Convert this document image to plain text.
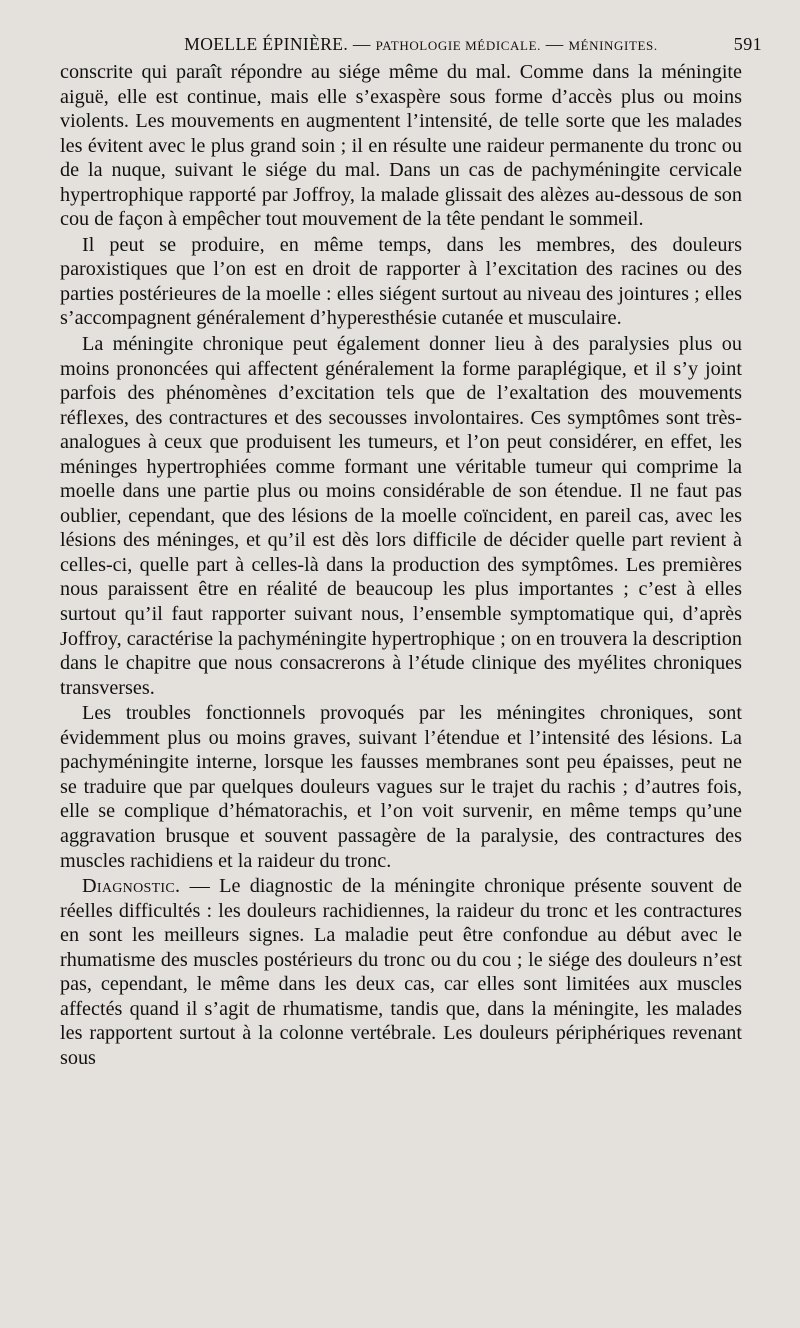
MOELLE ÉPINIÈRE. — PATHOLOGIE MÉDICALE. — MÉNINGITES.	591

conscrite qui paraît répondre au siége même du mal. Comme dans la méningite aiguë, elle est continue, mais elle s’exaspère sous forme d’accès plus ou moins violents. Les mouvements en augmentent l’intensité, de telle sorte que les malades les évitent avec le plus grand soin ; il en résulte une raideur permanente du tronc ou de la nuque, suivant le siége du mal. Dans un cas de pachyméningite cervicale hypertrophique rapporté par Joffroy, la malade glissait des alèzes au-dessous de son cou de façon à empêcher tout mouvement de la tête pendant le sommeil.

Il peut se produire, en même temps, dans les membres, des douleurs paroxistiques que l’on est en droit de rapporter à l’excitation des racines ou des parties postérieures de la moelle : elles siégent surtout au niveau des jointures ; elles s’accompagnent généralement d’hyperesthésie cutanée et musculaire.

La méningite chronique peut également donner lieu à des paralysies plus ou moins prononcées qui affectent généralement la forme paraplégique, et il s’y joint parfois des phénomènes d’excitation tels que de l’exaltation des mouvements réflexes, des contractures et des secousses involontaires. Ces symptômes sont très-analogues à ceux que produisent les tumeurs, et l’on peut considérer, en effet, les méninges hypertrophiées comme formant une véritable tumeur qui comprime la moelle dans une partie plus ou moins considérable de son étendue. Il ne faut pas oublier, cependant, que des lésions de la moelle coïncident, en pareil cas, avec les lésions des méninges, et qu’il est dès lors difficile de décider quelle part revient à celles-ci, quelle part à celles-là dans la production des symptômes. Les premières nous paraissent être en réalité de beaucoup les plus importantes ; c’est à elles surtout qu’il faut rapporter suivant nous, l’ensemble symptomatique qui, d’après Joffroy, caractérise la pachyméningite hypertrophique ; on en trouvera la description dans le chapitre que nous consacrerons à l’étude clinique des myélites chroniques transverses.

Les troubles fonctionnels provoqués par les méningites chroniques, sont évidemment plus ou moins graves, suivant l’étendue et l’intensité des lésions. La pachyméningite interne, lorsque les fausses membranes sont peu épaisses, peut ne se traduire que par quelques douleurs vagues sur le trajet du rachis ; d’autres fois, elle se complique d’hématorachis, et l’on voit survenir, en même temps qu’une aggravation brusque et souvent passagère de la paralysie, des contractures des muscles rachidiens et la raideur du tronc.

Diagnostic. — Le diagnostic de la méningite chronique présente souvent de réelles difficultés : les douleurs rachidiennes, la raideur du tronc et les contractures en sont les meilleurs signes. La maladie peut être confondue au début avec le rhumatisme des muscles postérieurs du tronc ou du cou ; le siége des douleurs n’est pas, cependant, le même dans les deux cas, car elles sont limitées aux muscles affectés quand il s’agit de rhumatisme, tandis que, dans la méningite, les malades les rapportent surtout à la colonne vertébrale. Les douleurs périphériques revenant sous
